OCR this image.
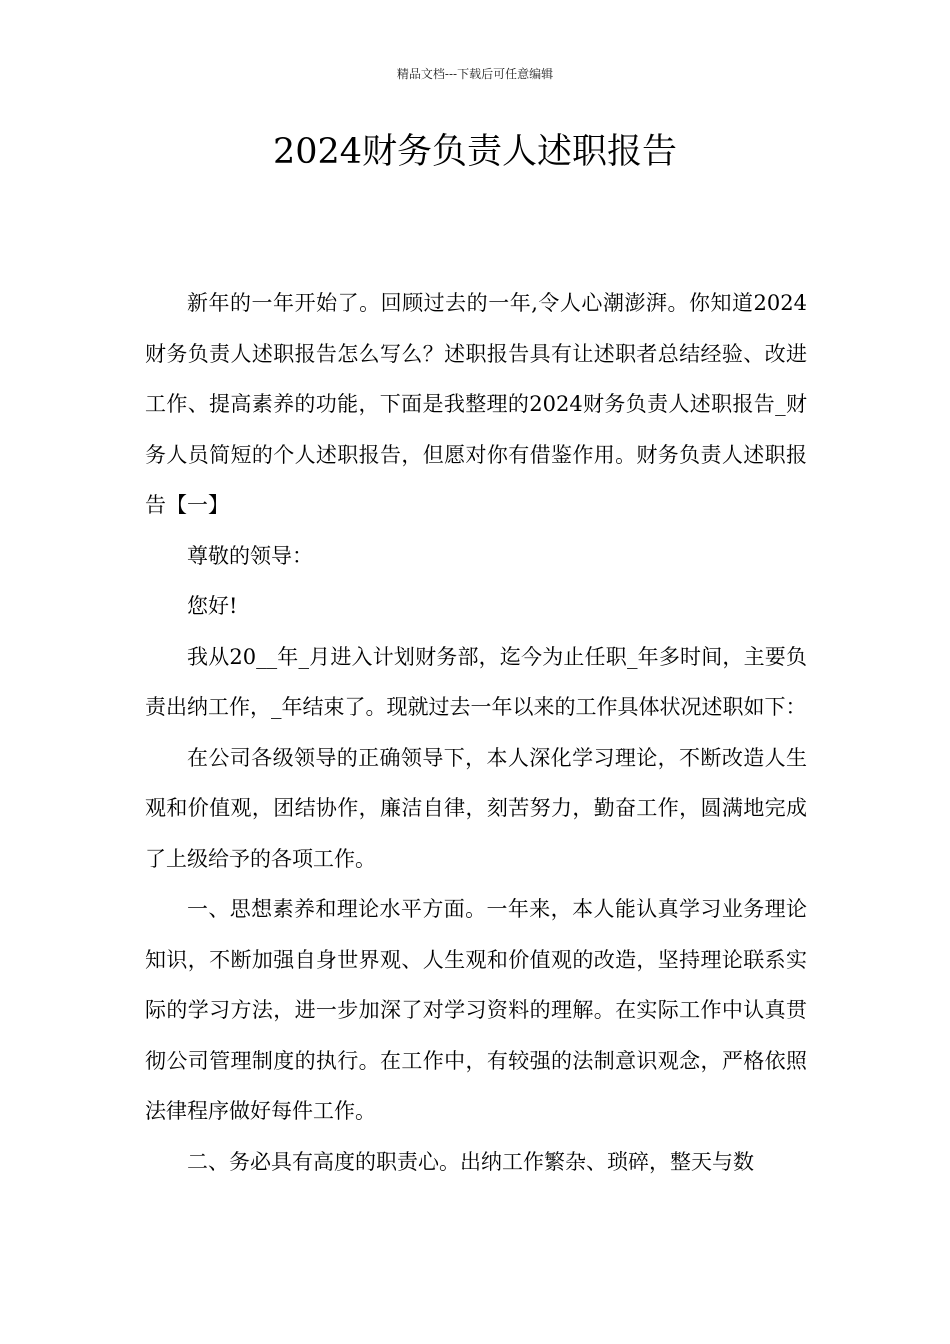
精品文档---下载后可任意编辑
2024财务负责人述职报告

新年的一年开始了。回顾过去的一年,令人心潮澎湃。你知道2024财务负责人述职报告怎么写么？述职报告具有让述职者总结经验、改进工作、提高素养的功能，下面是我整理的2024财务负责人述职报告_财务人员简短的个人述职报告，但愿对你有借鉴作用。财务负责人述职报告【一】

尊敬的领导：

您好!

我从20__年_月进入计划财务部，迄今为止任职_年多时间，主要负责出纳工作，_年结束了。现就过去一年以来的工作具体状况述职如下：

在公司各级领导的正确领导下，本人深化学习理论，不断改造人生观和价值观，团结协作，廉洁自律，刻苦努力，勤奋工作，圆满地完成了上级给予的各项工作。

一、思想素养和理论水平方面。一年来，本人能认真学习业务理论知识，不断加强自身世界观、人生观和价值观的改造，坚持理论联系实际的学习方法，进一步加深了对学习资料的理解。在实际工作中认真贯彻公司管理制度的执行。在工作中，有较强的法制意识观念，严格依照法律程序做好每件工作。

二、务必具有高度的职责心。出纳工作繁杂、琐碎，整天与数
